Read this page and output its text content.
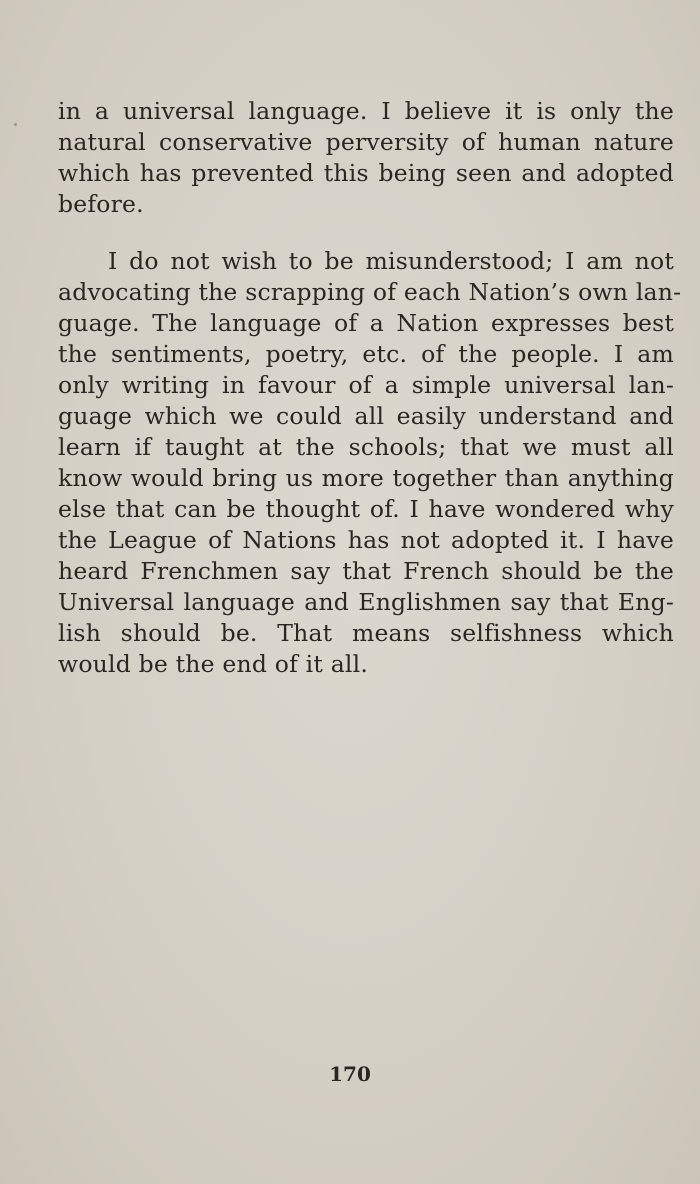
in a universal language. I believe it is only the
natural conservative perversity of human nature
which has prevented this being seen and adopted
before.
I do not wish to be misunderstood; I am not
advocating the scrapping of each Nation’s own lan-
guage. The language of a Nation expresses best
the sentiments, poetry, etc. of the people. I am
only writing in favour of a simple universal lan-
guage which we could all easily understand and
learn if taught at the schools; that we must all
know would bring us more together than anything
else that can be thought of. I have wondered why
the League of Nations has not adopted it. I have
heard Frenchmen say that French should be the
Universal language and Englishmen say that Eng-
lish should be. That means selfishness which
would be the end of it all.
170
